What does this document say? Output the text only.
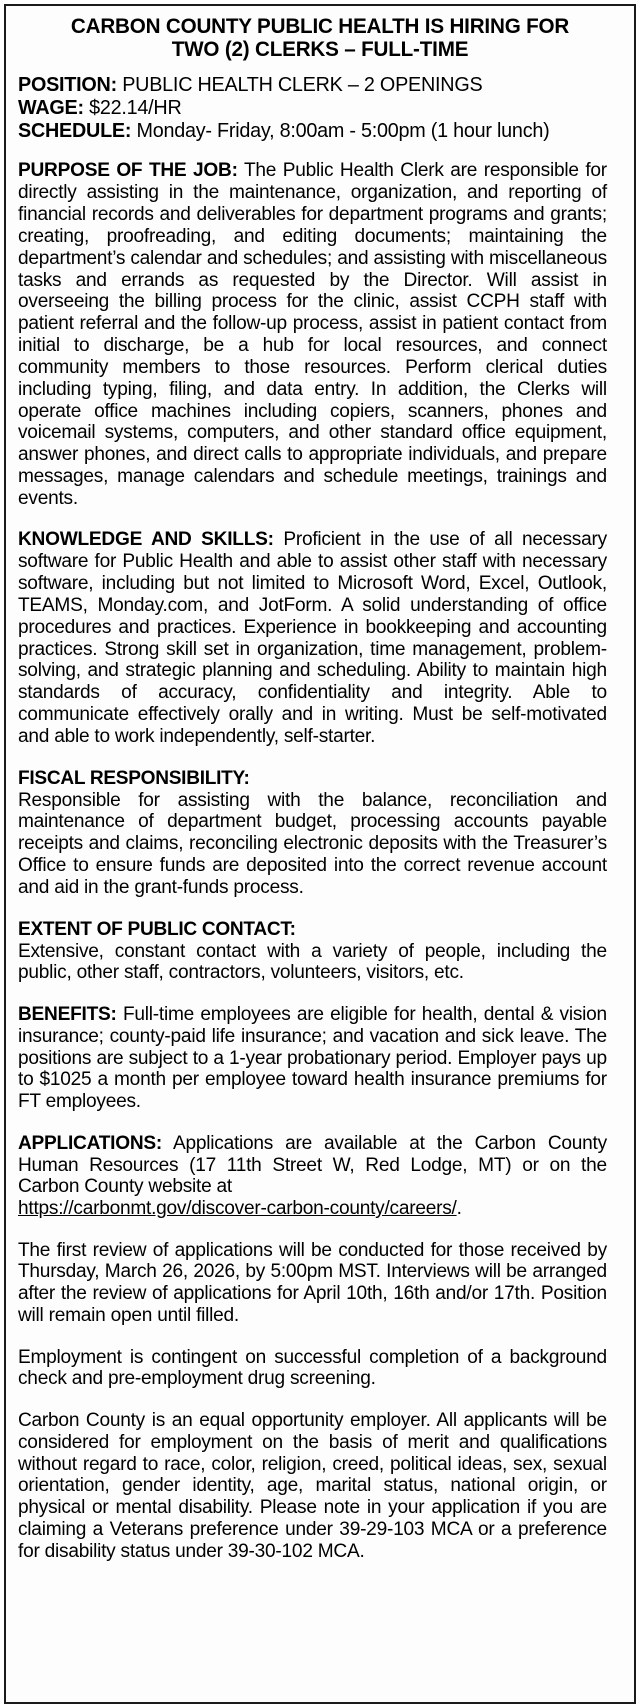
CARBON COUNTY PUBLIC HEALTH IS HIRING FOR
TWO (2) CLERKS – FULL-TIME
POSITION: PUBLIC HEALTH CLERK – 2 OPENINGS
WAGE: $22.14/HR
SCHEDULE: Monday- Friday, 8:00am - 5:00pm (1 hour lunch)

PURPOSE OF THE JOB: The Public Health Clerk are responsible for directly assisting in the maintenance, organization, and reporting of financial records and deliverables for department programs and grants; creating, proofreading, and editing documents; maintaining the department’s calendar and schedules; and assisting with miscellaneous tasks and errands as requested by the Director. Will assist in overseeing the billing process for the clinic, assist CCPH staff with patient referral and the follow-up process, assist in patient contact from initial to discharge, be a hub for local resources, and connect community members to those resources. Perform clerical duties including typing, filing, and data entry. In addition, the Clerks will operate office machines including copiers, scanners, phones and voicemail systems, computers, and other standard office equipment, answer phones, and direct calls to appropriate individuals, and prepare messages, manage calendars and schedule meetings, trainings and events.

KNOWLEDGE AND SKILLS: Proficient in the use of all necessary software for Public Health and able to assist other staff with necessary software, including but not limited to Microsoft Word, Excel, Outlook, TEAMS, Monday.com, and JotForm. A solid understanding of office procedures and practices. Experience in bookkeeping and accounting practices. Strong skill set in organization, time management, problem-solving, and strategic planning and scheduling. Ability to maintain high standards of accuracy, confidentiality and integrity. Able to communicate effectively orally and in writing. Must be self-motivated and able to work independently, self-starter.

FISCAL RESPONSIBILITY:

Responsible for assisting with the balance, reconciliation and maintenance of department budget, processing accounts payable receipts and claims, reconciling electronic deposits with the Treasurer’s Office to ensure funds are deposited into the correct revenue account and aid in the grant-funds process.

EXTENT OF PUBLIC CONTACT:

Extensive, constant contact with a variety of people, including the public, other staff, contractors, volunteers, visitors, etc.

BENEFITS: Full-time employees are eligible for health, dental & vision insurance; county-paid life insurance; and vacation and sick leave. The positions are subject to a 1-year probationary period. Employer pays up to $1025 a month per employee toward health insurance premiums for FT employees.

APPLICATIONS: Applications are available at the Carbon County Human Resources (17 11th Street W, Red Lodge, MT) or on the Carbon County website at
https://carbonmt.gov/discover-carbon-county/careers/.

The first review of applications will be conducted for those received by Thursday, March 26, 2026, by 5:00pm MST. Interviews will be arranged after the review of applications for April 10th, 16th and/or 17th. Position will remain open until filled.

Employment is contingent on successful completion of a background check and pre-employment drug screening.

Carbon County is an equal opportunity employer. All applicants will be considered for employment on the basis of merit and qualifications without regard to race, color, religion, creed, political ideas, sex, sexual orientation, gender identity, age, marital status, national origin, or physical or mental disability. Please note in your application if you are claiming a Veterans preference under 39-29-103 MCA or a preference for disability status under 39-30-102 MCA.
